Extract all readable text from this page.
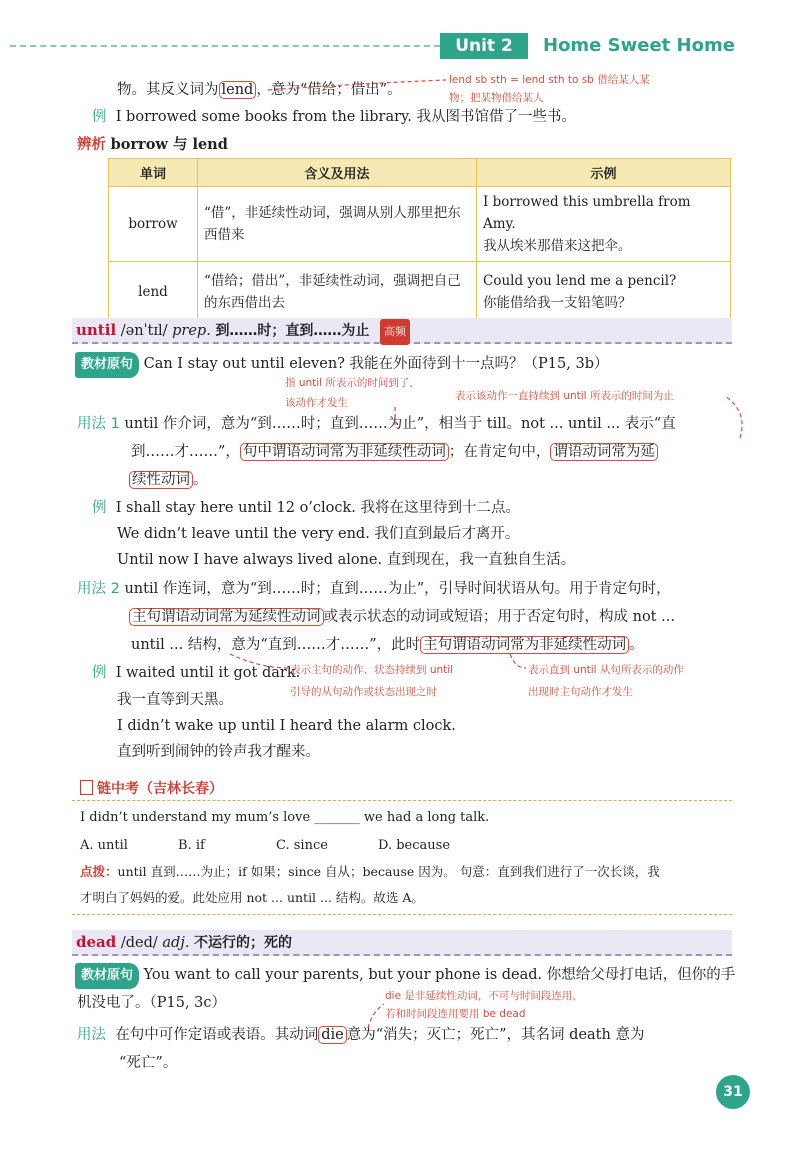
Unit 2	Home Sweet Home
物。其反义词为 lend ，意为“借给；借出”。
lend sb sth = lend sth to sb 借给某人某
物；把某物借给某人
例 I borrowed some books from the library. 我从图书馆借了一些书。
辨析 borrow 与 lend
单词	含义及用法	示例
borrow	“借”，非延续性动词，强调从别人那里把东西借来	I borrowed this umbrella from Amy.
我从埃米那借来这把伞。

lend	“借给；借出”，非延续性动词，强调把自己的东西借出去	Could you lend me a pencil?
你能借给我一支铅笔吗？
until /ənˈtɪl/ prep. 到……时；直到……为止 高频
教材原句 Can I stay out until eleven? 我能在外面待到十一点吗？（P15, 3b）
指 until 所表示的时间到了，
该动作才发生
表示该动作一直持续到 until 所表示的时间为止
用法 1 until 作介词，意为“到……时；直到……为止”，相当于 till。not ... until ... 表示“直
到……才……”， 句中谓语动词常为非延续性动词 ；在肯定句中， 谓语动词常为延
续性动词 。
例 I shall stay here until 12 o’clock. 我将在这里待到十二点。
We didn’t leave until the very end. 我们直到最后才离开。
Until now I have always lived alone. 直到现在，我一直独自生活。
用法 2 until 作连词，意为“到……时；直到……为止”，引导时间状语从句。用于肯定句时，
主句谓语动词常为延续性动词 或表示状态的动词或短语；用于否定句时，构成 not ...
until ... 结构，意为“直到……才……”，此时 主句谓语动词常为非延续性动词 。
例 I waited until it got dark.
我一直等到天黑。
I didn’t wake up until I heard the alarm clock.
直到听到闹钟的铃声我才醒来。
表示主句的动作、状态持续到 until
引导的从句动作或状态出现之时
表示直到 until 从句所表示的动作
出现时主句动作才发生
链中考（吉林长春）
I didn’t understand my mum’s love _______ we had a long talk.
A. until	B. if	C. since	D. because
点拨：until 直到……为止；if 如果；since 自从；because 因为。 句意：直到我们进行了一次长谈，我
才明白了妈妈的爱。此处应用 not ... until ... 结构。故选 A。
dead /ded/ adj. 不运行的；死的
教材原句 You want to call your parents, but your phone is dead. 你想给父母打电话，但你的手
机没电了。（P15, 3c）	die 是非延续性动词，不可与时间段连用，
若和时间段连用要用 be dead
用法 在句中可作定语或表语。其动词 die 意为“消失；灭亡；死亡”，其名词 death 意为
“死亡”。
31
